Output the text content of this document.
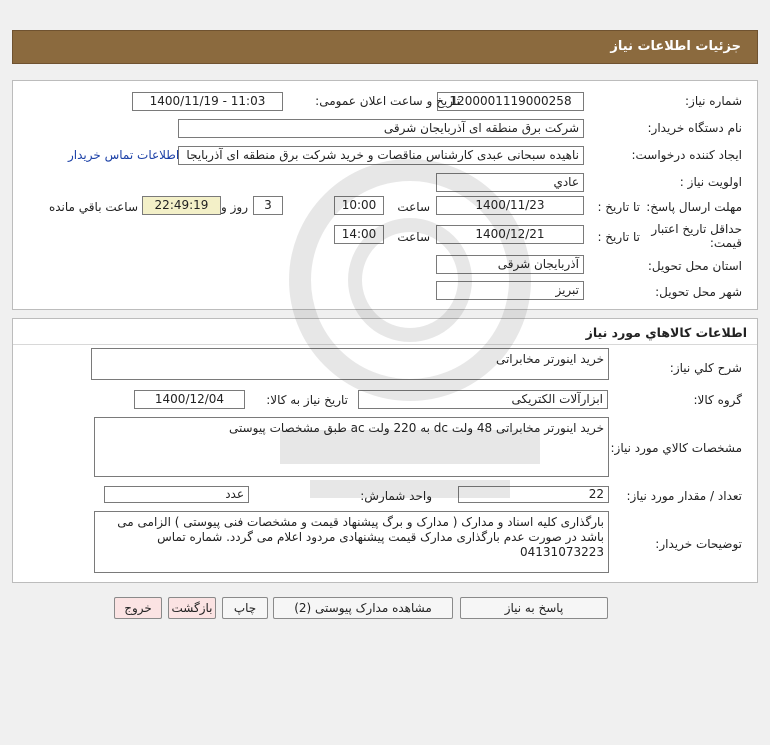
جزئیات اطلاعات نیاز
شماره نیاز:
1200001119000258
تاریخ و ساعت اعلان عمومی:
1400/11/19 - 11:03
نام دستگاه خریدار:
شرکت برق منطقه ای آذربایجان شرقی
ایجاد کننده درخواست:
ناهیده سبحانی عبدی کارشناس مناقصات و خرید شرکت برق منطقه ای آذربایجا
اطلاعات تماس خریدار
اولویت نیاز :
عادي
مهلت ارسال پاسخ:
تا تاریخ :
1400/11/23
ساعت
10:00
3
روز و
22:49:19
ساعت باقي مانده
حداقل تاريخ اعتبار
قيمت:
تا تاریخ :
1400/12/21
ساعت
14:00
استان محل تحویل:
آذربایجان شرقی
شهر محل تحویل:
تبریز
اطلاعات کالاهاي مورد نياز
شرح كلي نياز:
خرید اینورتر مخابراتی
گروه کالا:
ابزارآلات الکتریکی
تاریخ نیاز به کالا:
1400/12/04
مشخصات كالاي مورد نياز:
خرید اینورتر مخابراتی 48 ولت dc به 220 ولت ac طبق مشخصات پیوستی
تعداد / مقدار مورد نیاز:
22
واحد شمارش:
عدد
توضیحات خریدار:
بارگذاری کلیه اسناد و مدارک ( مدارک و برگ پیشنهاد قیمت و مشخصات فنی پیوستی ) الزامی می باشد در صورت عدم بارگذاری مدارک قیمت پیشنهادی مردود اعلام می گردد. شماره تماس 04131073223
پاسخ به نیاز
مشاهده مدارک پیوستی (2)
چاپ
بازگشت
خروج
